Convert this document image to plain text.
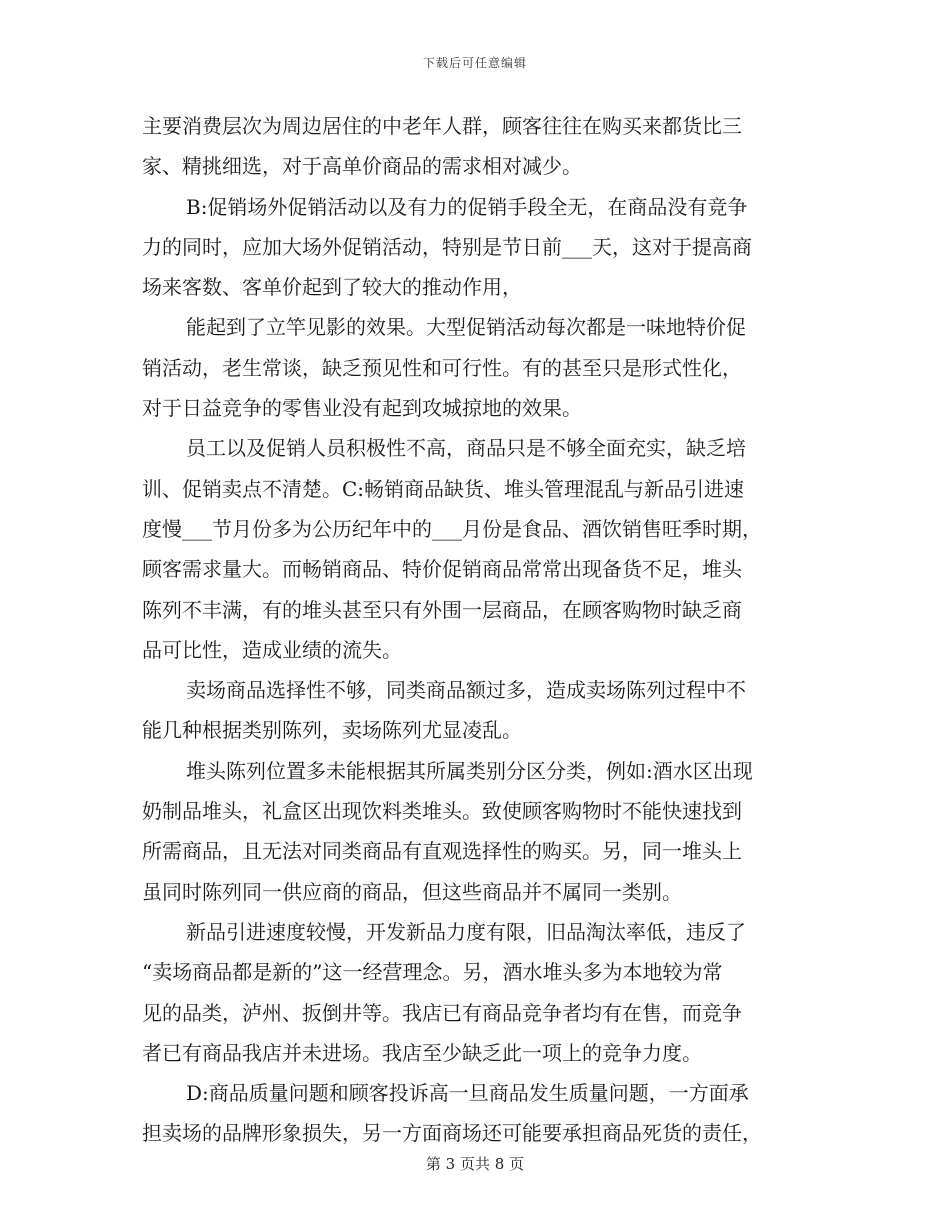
下载后可任意编辑
主要消费层次为周边居住的中老年人群，顾客往往在购买来都货比三
家、精挑细选，对于高单价商品的需求相对减少。
B:促销场外促销活动以及有力的促销手段全无，在商品没有竞争
力的同时，应加大场外促销活动，特别是节日前___天，这对于提高商
场来客数、客单价起到了较大的推动作用，
能起到了立竿见影的效果。大型促销活动每次都是一味地特价促
销活动，老生常谈，缺乏预见性和可行性。有的甚至只是形式性化，
对于日益竞争的零售业没有起到攻城掠地的效果。
员工以及促销人员积极性不高，商品只是不够全面充实，缺乏培
训、促销卖点不清楚。C:畅销商品缺货、堆头管理混乱与新品引进速
度慢___节月份多为公历纪年中的___月份是食品、酒饮销售旺季时期，
顾客需求量大。而畅销商品、特价促销商品常常出现备货不足，堆头
陈列不丰满，有的堆头甚至只有外围一层商品，在顾客购物时缺乏商
品可比性，造成业绩的流失。
卖场商品选择性不够，同类商品额过多，造成卖场陈列过程中不
能几种根据类别陈列，卖场陈列尤显凌乱。
堆头陈列位置多未能根据其所属类别分区分类，例如:酒水区出现
奶制品堆头，礼盒区出现饮料类堆头。致使顾客购物时不能快速找到
所需商品，且无法对同类商品有直观选择性的购买。另，同一堆头上
虽同时陈列同一供应商的商品，但这些商品并不属同一类别。
新品引进速度较慢，开发新品力度有限，旧品淘汰率低，违反了
“卖场商品都是新的”这一经营理念。另，酒水堆头多为本地较为常
见的品类，泸州、扳倒井等。我店已有商品竞争者均有在售，而竞争
者已有商品我店并未进场。我店至少缺乏此一项上的竞争力度。
D:商品质量问题和顾客投诉高一旦商品发生质量问题，一方面承
担卖场的品牌形象损失，另一方面商场还可能要承担商品死货的责任，
第 3 页共 8 页
